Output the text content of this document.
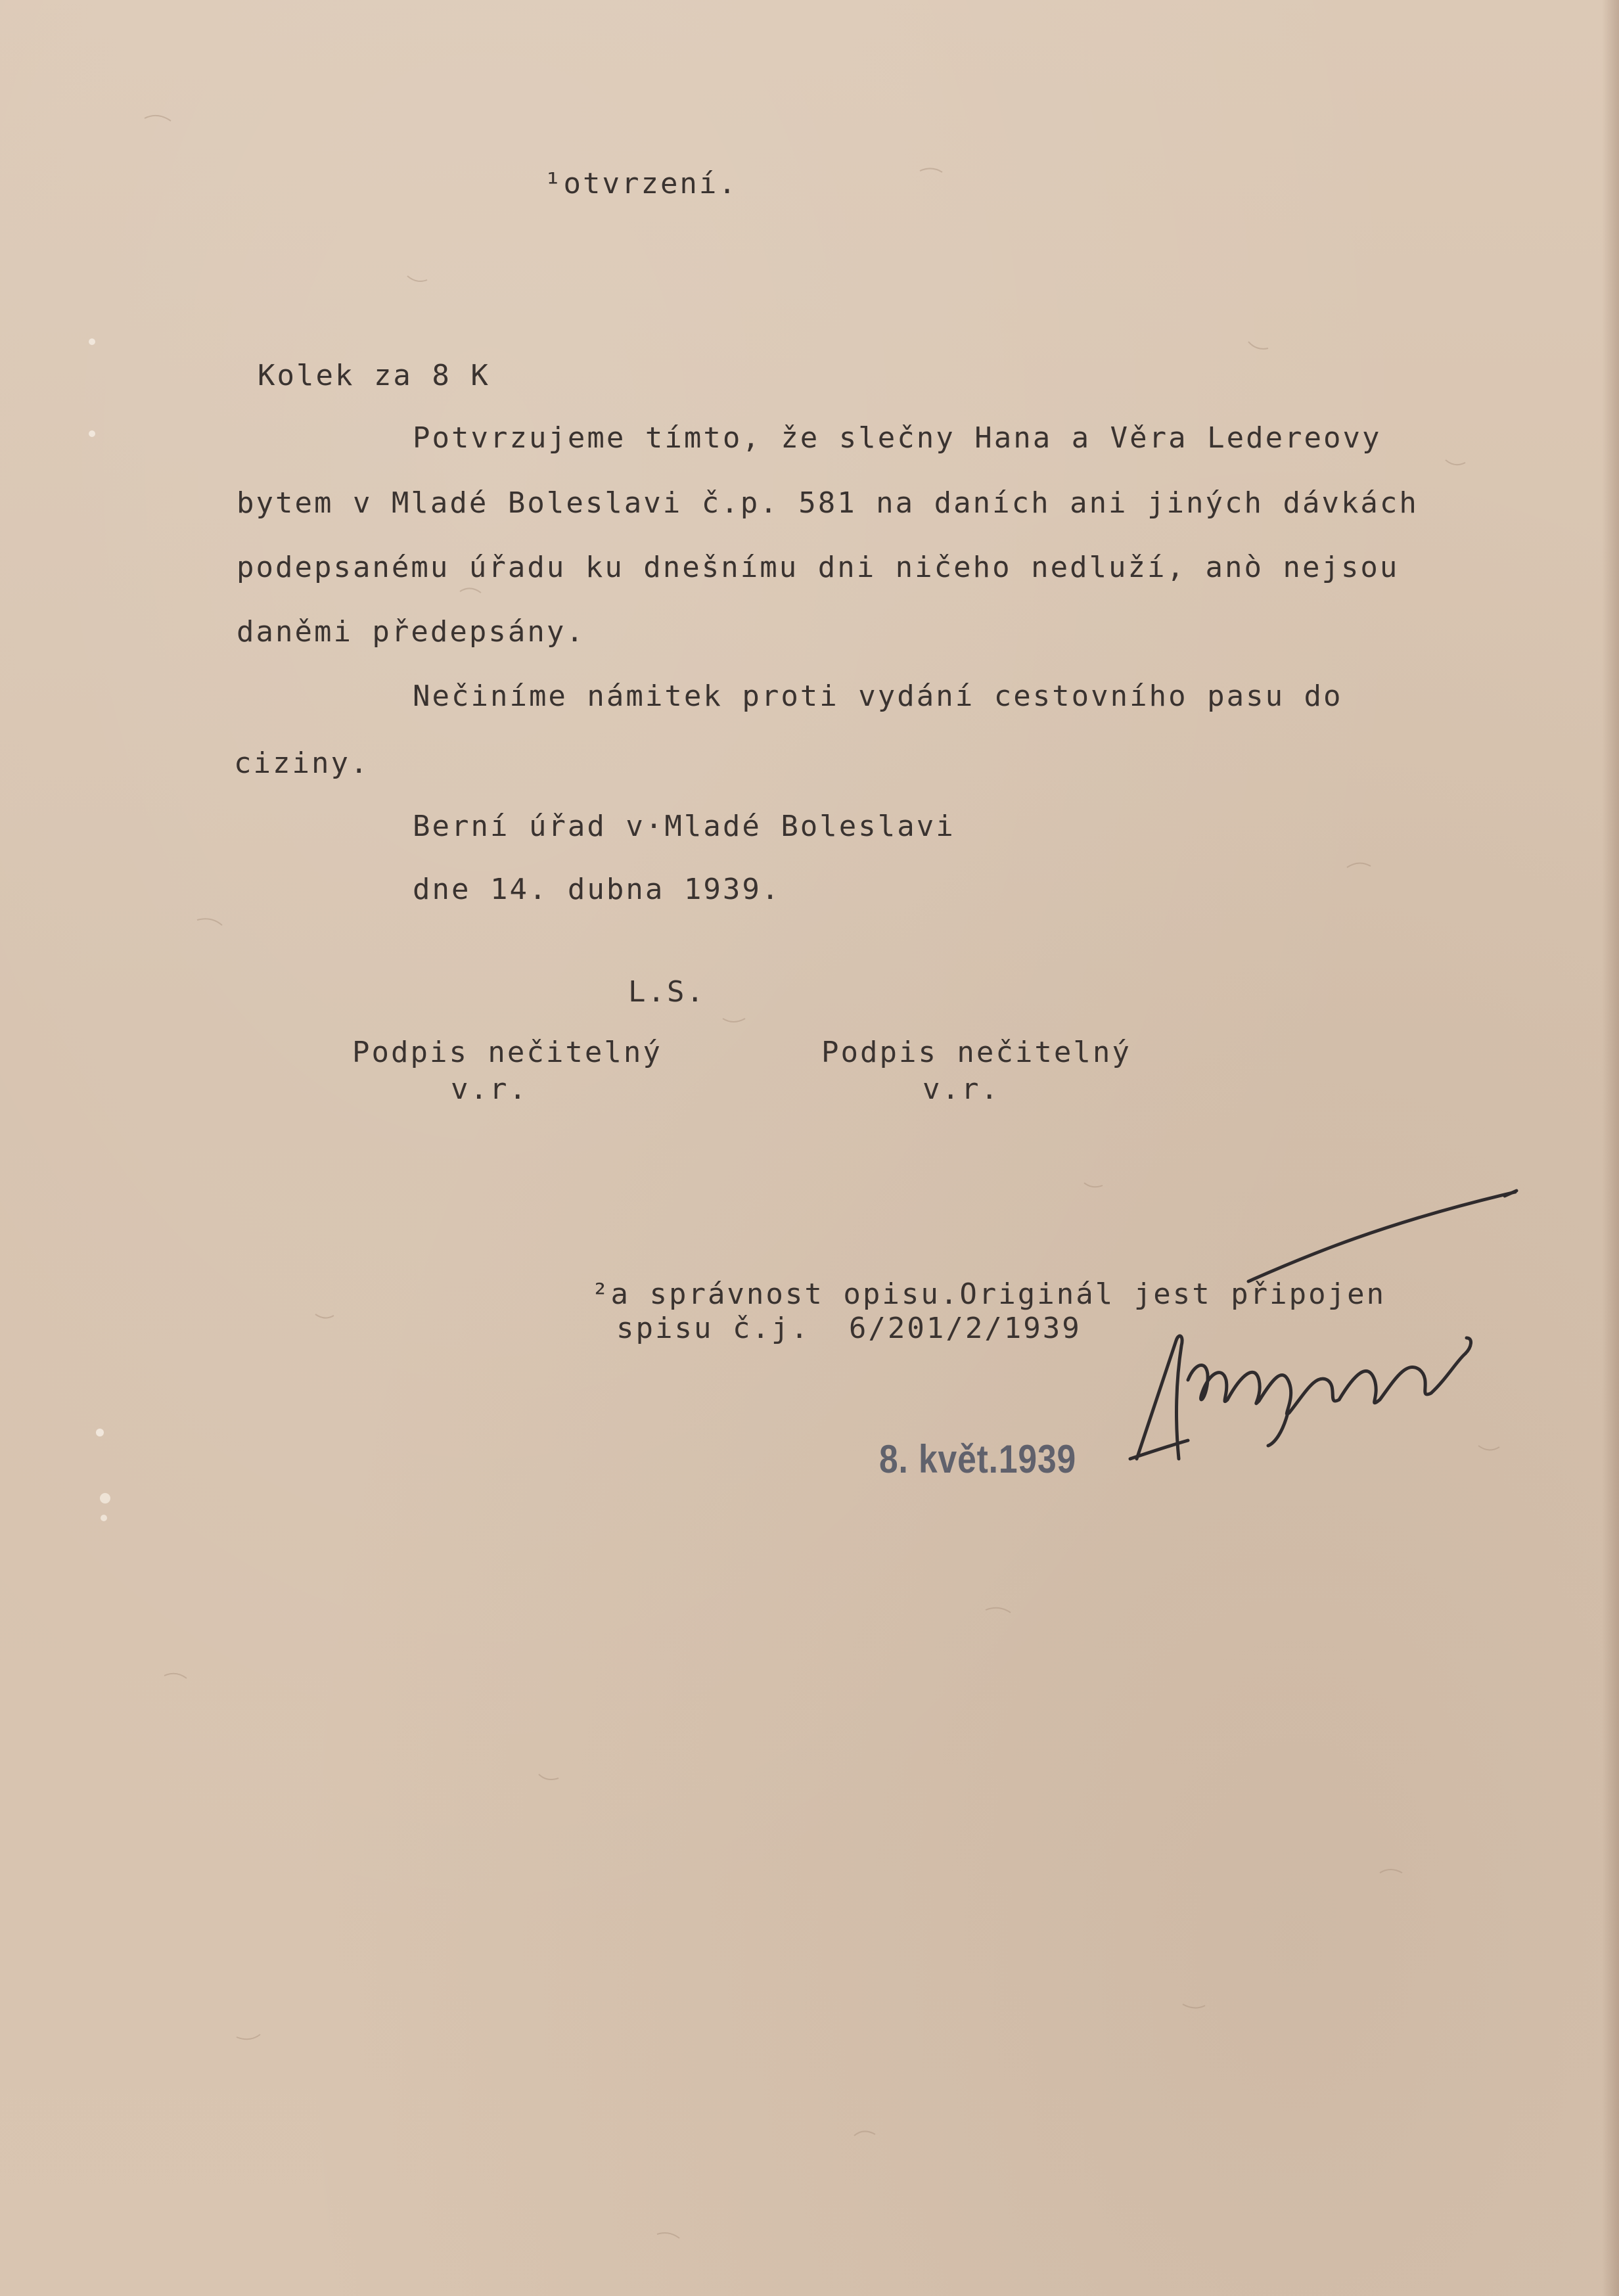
¹otvrzení.
Kolek za 8 K
Potvrzujeme tímto, že slečny Hana a Věra Ledereovy
bytem v Mladé Boleslavi č.p. 581 na daních ani jiných dávkách
podepsanému úřadu ku dnešnímu dni ničeho nedluží, anò nejsou
daněmi předepsány.
Nečiníme námitek proti vydání cestovního pasu do
ciziny.
Berní úřad v·Mladé Boleslavi
dne 14. dubna 1939.
L.S.
Podpis nečitelný
v.r.
Podpis nečitelný
v.r.
²a správnost opisu.Originál jest připojen
spisu č.j.  6/201/2/1939
8. květ.1939
